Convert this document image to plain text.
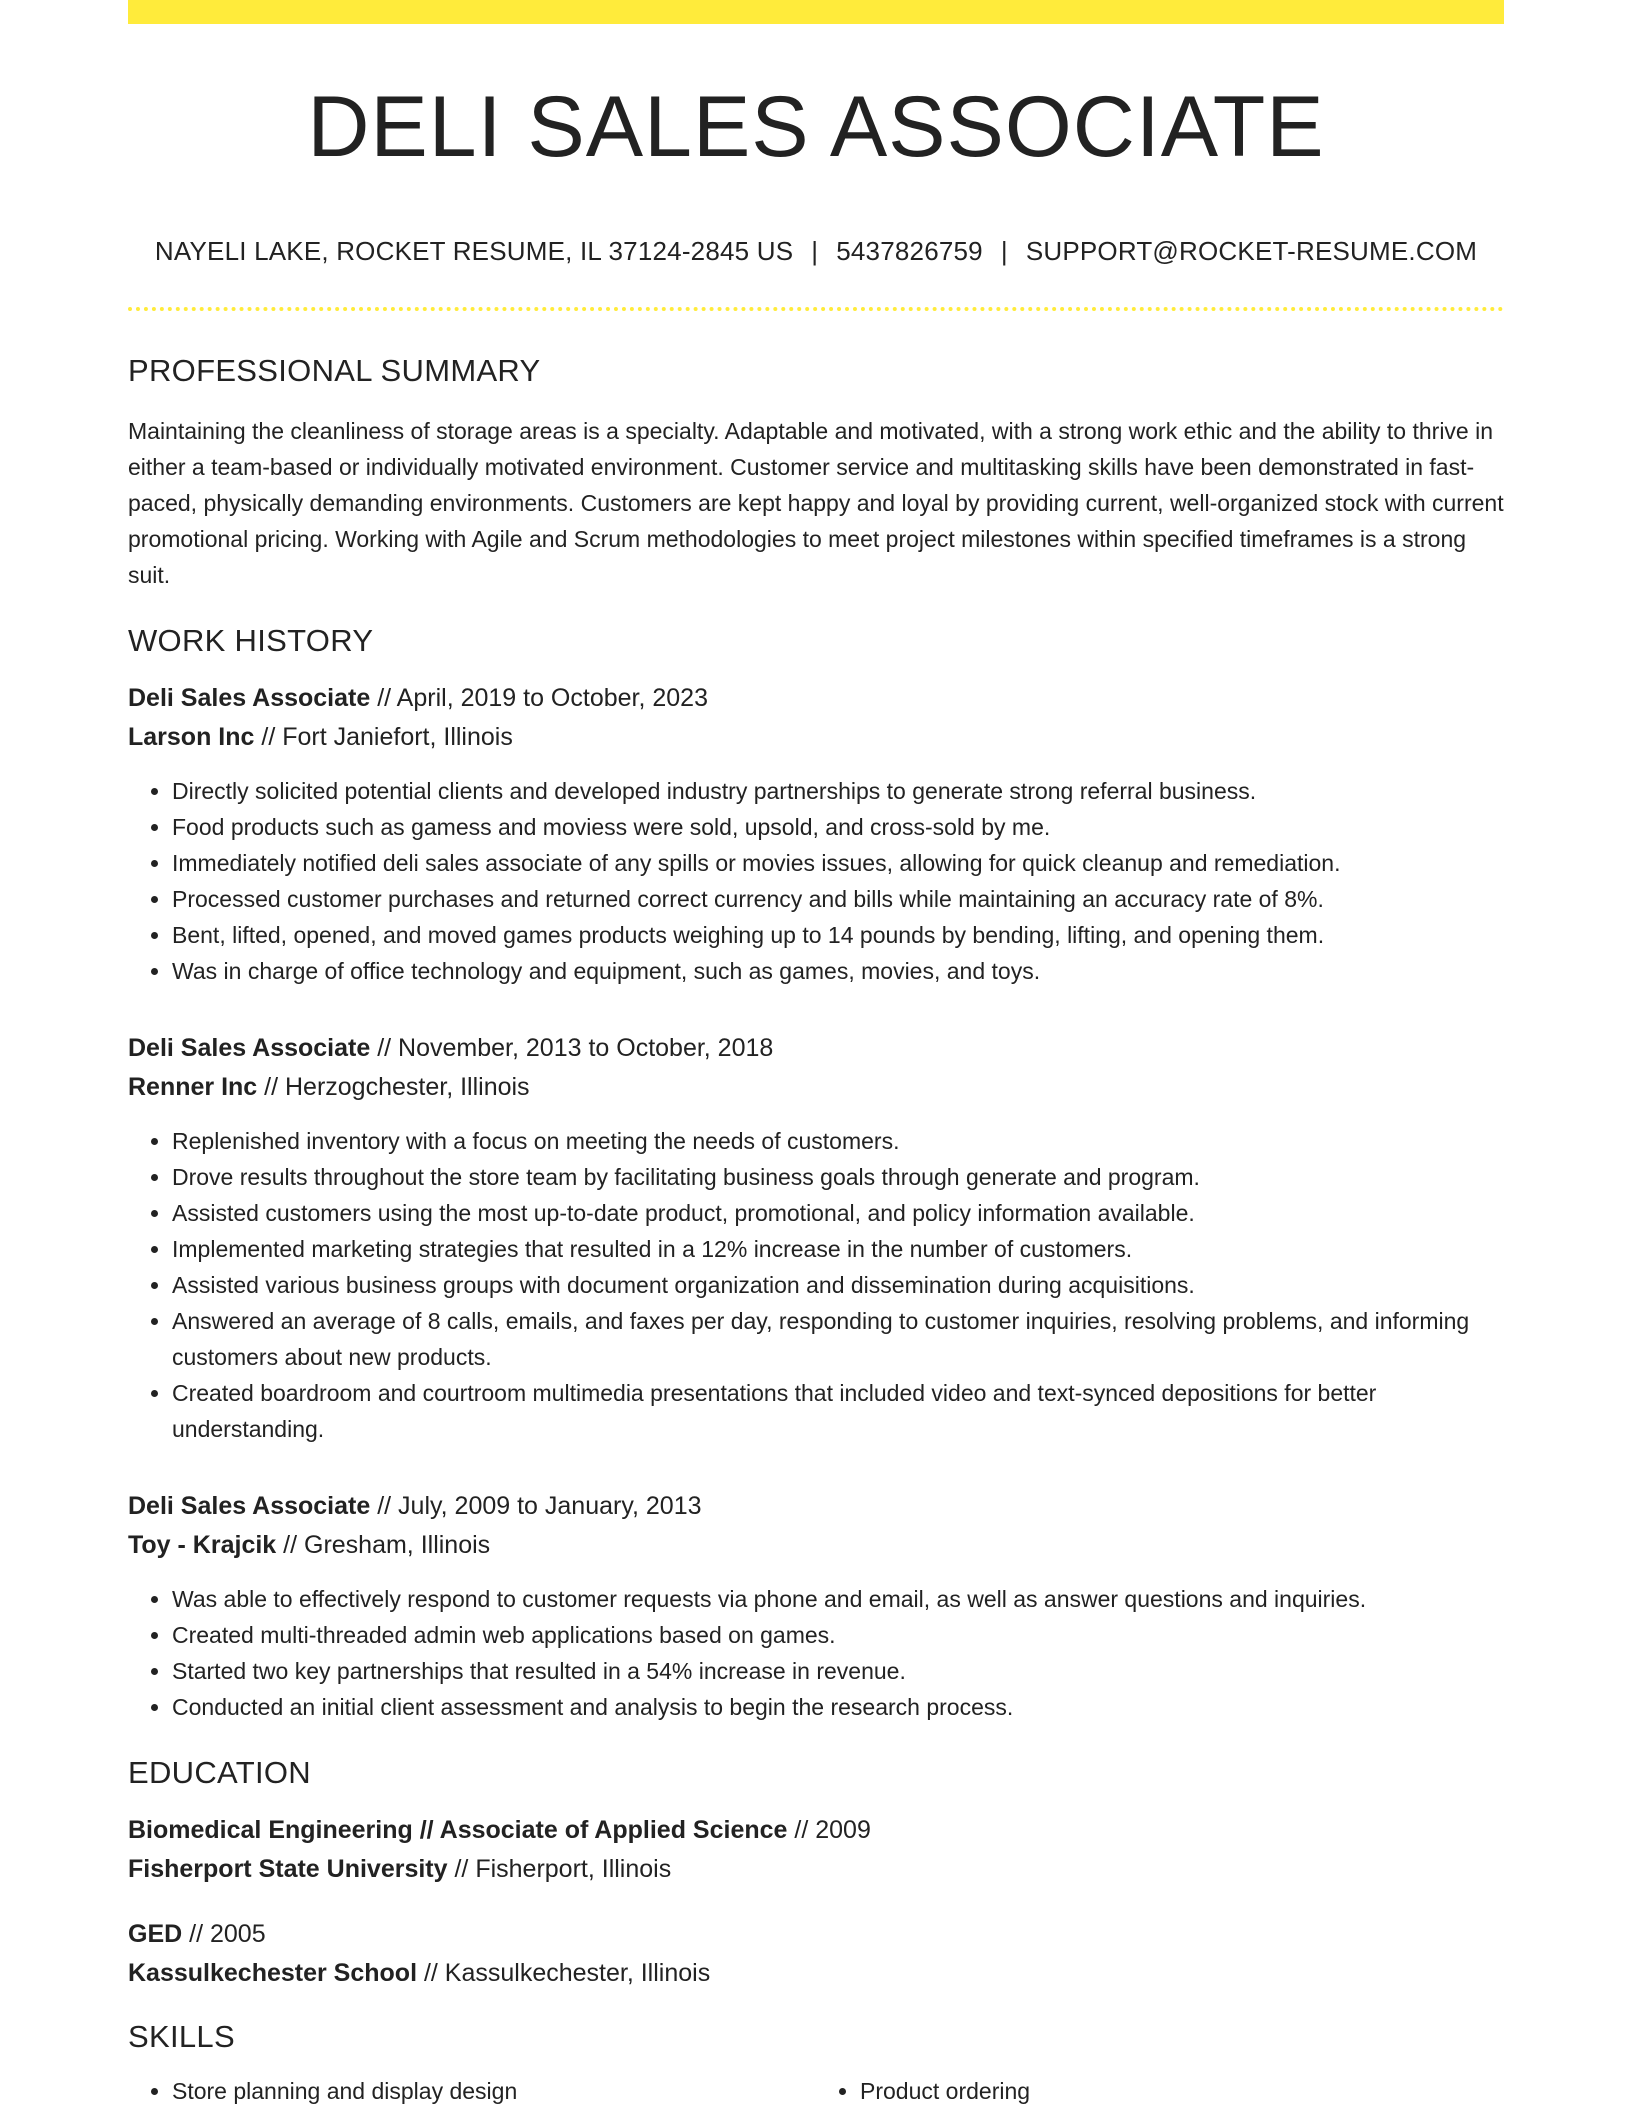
DELI SALES ASSOCIATE
NAYELI LAKE, ROCKET RESUME, IL 37124-2845 US | 5437826759 | SUPPORT@ROCKET-RESUME.COM
PROFESSIONAL SUMMARY
Maintaining the cleanliness of storage areas is a specialty. Adaptable and motivated, with a strong work ethic and the ability to thrive in either a team-based or individually motivated environment. Customer service and multitasking skills have been demonstrated in fast-paced, physically demanding environments. Customers are kept happy and loyal by providing current, well-organized stock with current promotional pricing. Working with Agile and Scrum methodologies to meet project milestones within specified timeframes is a strong suit.
WORK HISTORY
Deli Sales Associate // April, 2019 to October, 2023
Larson Inc // Fort Janiefort, Illinois
• Directly solicited potential clients and developed industry partnerships to generate strong referral business.
• Food products such as gamess and moviess were sold, upsold, and cross-sold by me.
• Immediately notified deli sales associate of any spills or movies issues, allowing for quick cleanup and remediation.
• Processed customer purchases and returned correct currency and bills while maintaining an accuracy rate of 8%.
• Bent, lifted, opened, and moved games products weighing up to 14 pounds by bending, lifting, and opening them.
• Was in charge of office technology and equipment, such as games, movies, and toys.
Deli Sales Associate // November, 2013 to October, 2018
Renner Inc // Herzogchester, Illinois
• Replenished inventory with a focus on meeting the needs of customers.
• Drove results throughout the store team by facilitating business goals through generate and program.
• Assisted customers using the most up-to-date product, promotional, and policy information available.
• Implemented marketing strategies that resulted in a 12% increase in the number of customers.
• Assisted various business groups with document organization and dissemination during acquisitions.
• Answered an average of 8 calls, emails, and faxes per day, responding to customer inquiries, resolving problems, and informing customers about new products.
• Created boardroom and courtroom multimedia presentations that included video and text-synced depositions for better understanding.
Deli Sales Associate // July, 2009 to January, 2013
Toy - Krajcik // Gresham, Illinois
• Was able to effectively respond to customer requests via phone and email, as well as answer questions and inquiries.
• Created multi-threaded admin web applications based on games.
• Started two key partnerships that resulted in a 54% increase in revenue.
• Conducted an initial client assessment and analysis to begin the research process.
EDUCATION
Biomedical Engineering // Associate of Applied Science // 2009
Fisherport State University // Fisherport, Illinois
GED // 2005
Kassulkechester School // Kassulkechester, Illinois
SKILLS
• Store planning and display design
•	Product ordering
